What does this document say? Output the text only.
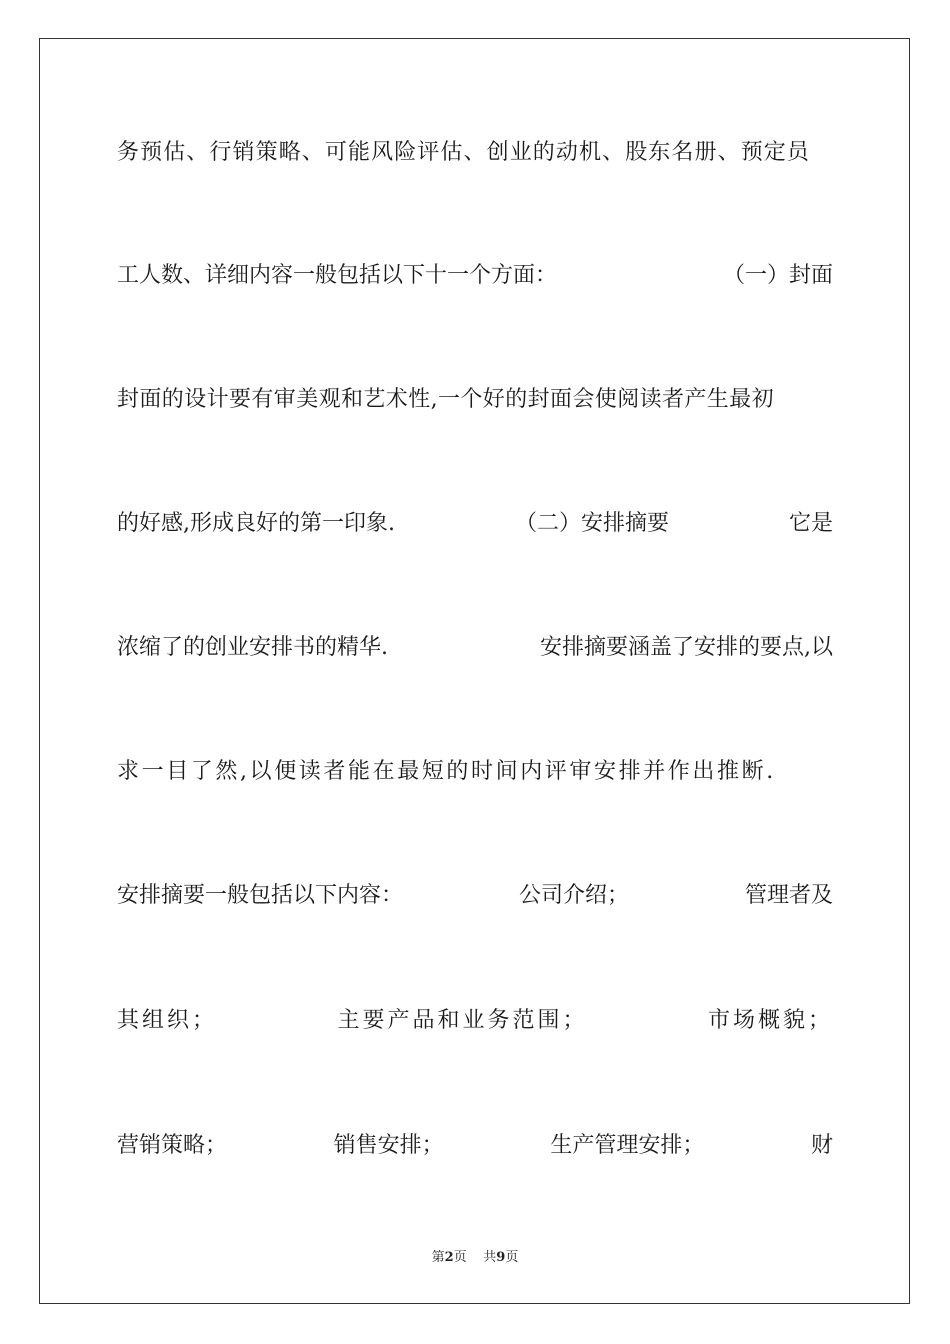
务预估、行销策略、可能风险评估、创业的动机、股东名册、预定员
工人数、详细内容一般包括以下十一个方面：	（一）封面
封面的设计要有审美观和艺术性,一个好的封面会使阅读者产生最初
的好感,形成良好的第一印象.	（二）安排摘要	它是
浓缩了的创业安排书的精华.	安排摘要涵盖了安排的要点,以
求一目了然,以便读者能在最短的时间内评审安排并作出推断.
安排摘要一般包括以下内容：	公司介绍；	管理者及
其组织；	主要产品和业务范围；	市场概貌；
营销策略；	销售安排；	生产管理安排；	财
第2页 共9页
